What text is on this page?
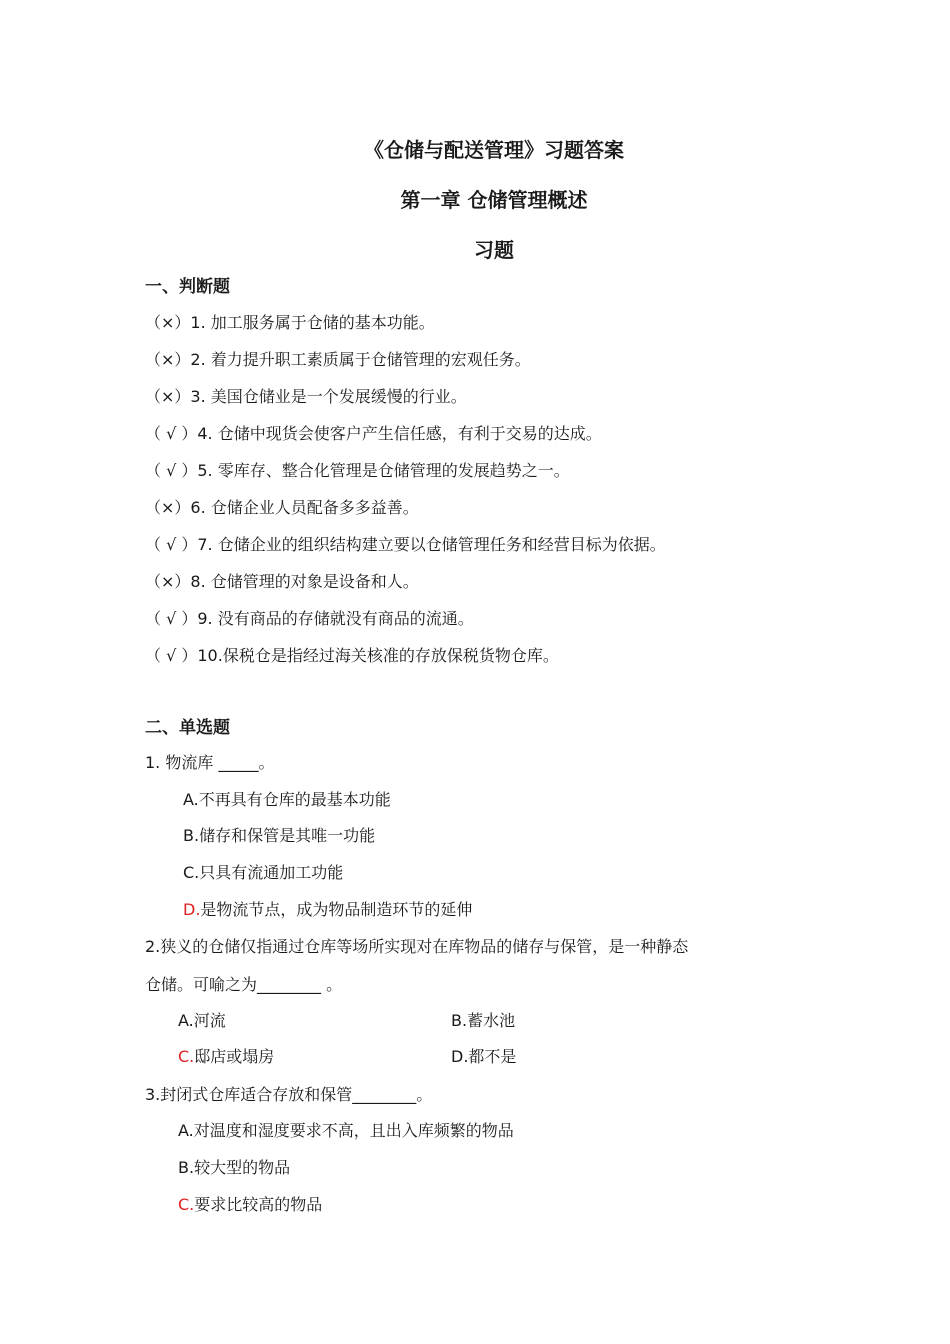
《仓储与配送管理》习题答案
第一章 仓储管理概述
习题
一、判断题
（×）1. 加工服务属于仓储的基本功能。
（×）2. 着力提升职工素质属于仓储管理的宏观任务。
（×）3. 美国仓储业是一个发展缓慢的行业。
（ √ ）4. 仓储中现货会使客户产生信任感，有利于交易的达成。
（ √ ）5. 零库存、整合化管理是仓储管理的发展趋势之一。
（×）6. 仓储企业人员配备多多益善。
（ √ ）7. 仓储企业的组织结构建立要以仓储管理任务和经营目标为依据。
（×）8. 仓储管理的对象是设备和人。
（ √ ）9. 没有商品的存储就没有商品的流通。
（ √ ）10.保税仓是指经过海关核准的存放保税货物仓库。
二、单选题
1. 物流库 _____。
A.不再具有仓库的最基本功能
B.储存和保管是其唯一功能
C.只具有流通加工功能
D.是物流节点，成为物品制造环节的延伸
2.狭义的仓储仅指通过仓库等场所实现对在库物品的储存与保管，是一种静态
仓储。可喻之为________ 。
A.河流	B.蓄水池
C.邸店或塌房	D.都不是
3.封闭式仓库适合存放和保管________。
A.对温度和湿度要求不高，且出入库频繁的物品
B.较大型的物品
C.要求比较高的物品
